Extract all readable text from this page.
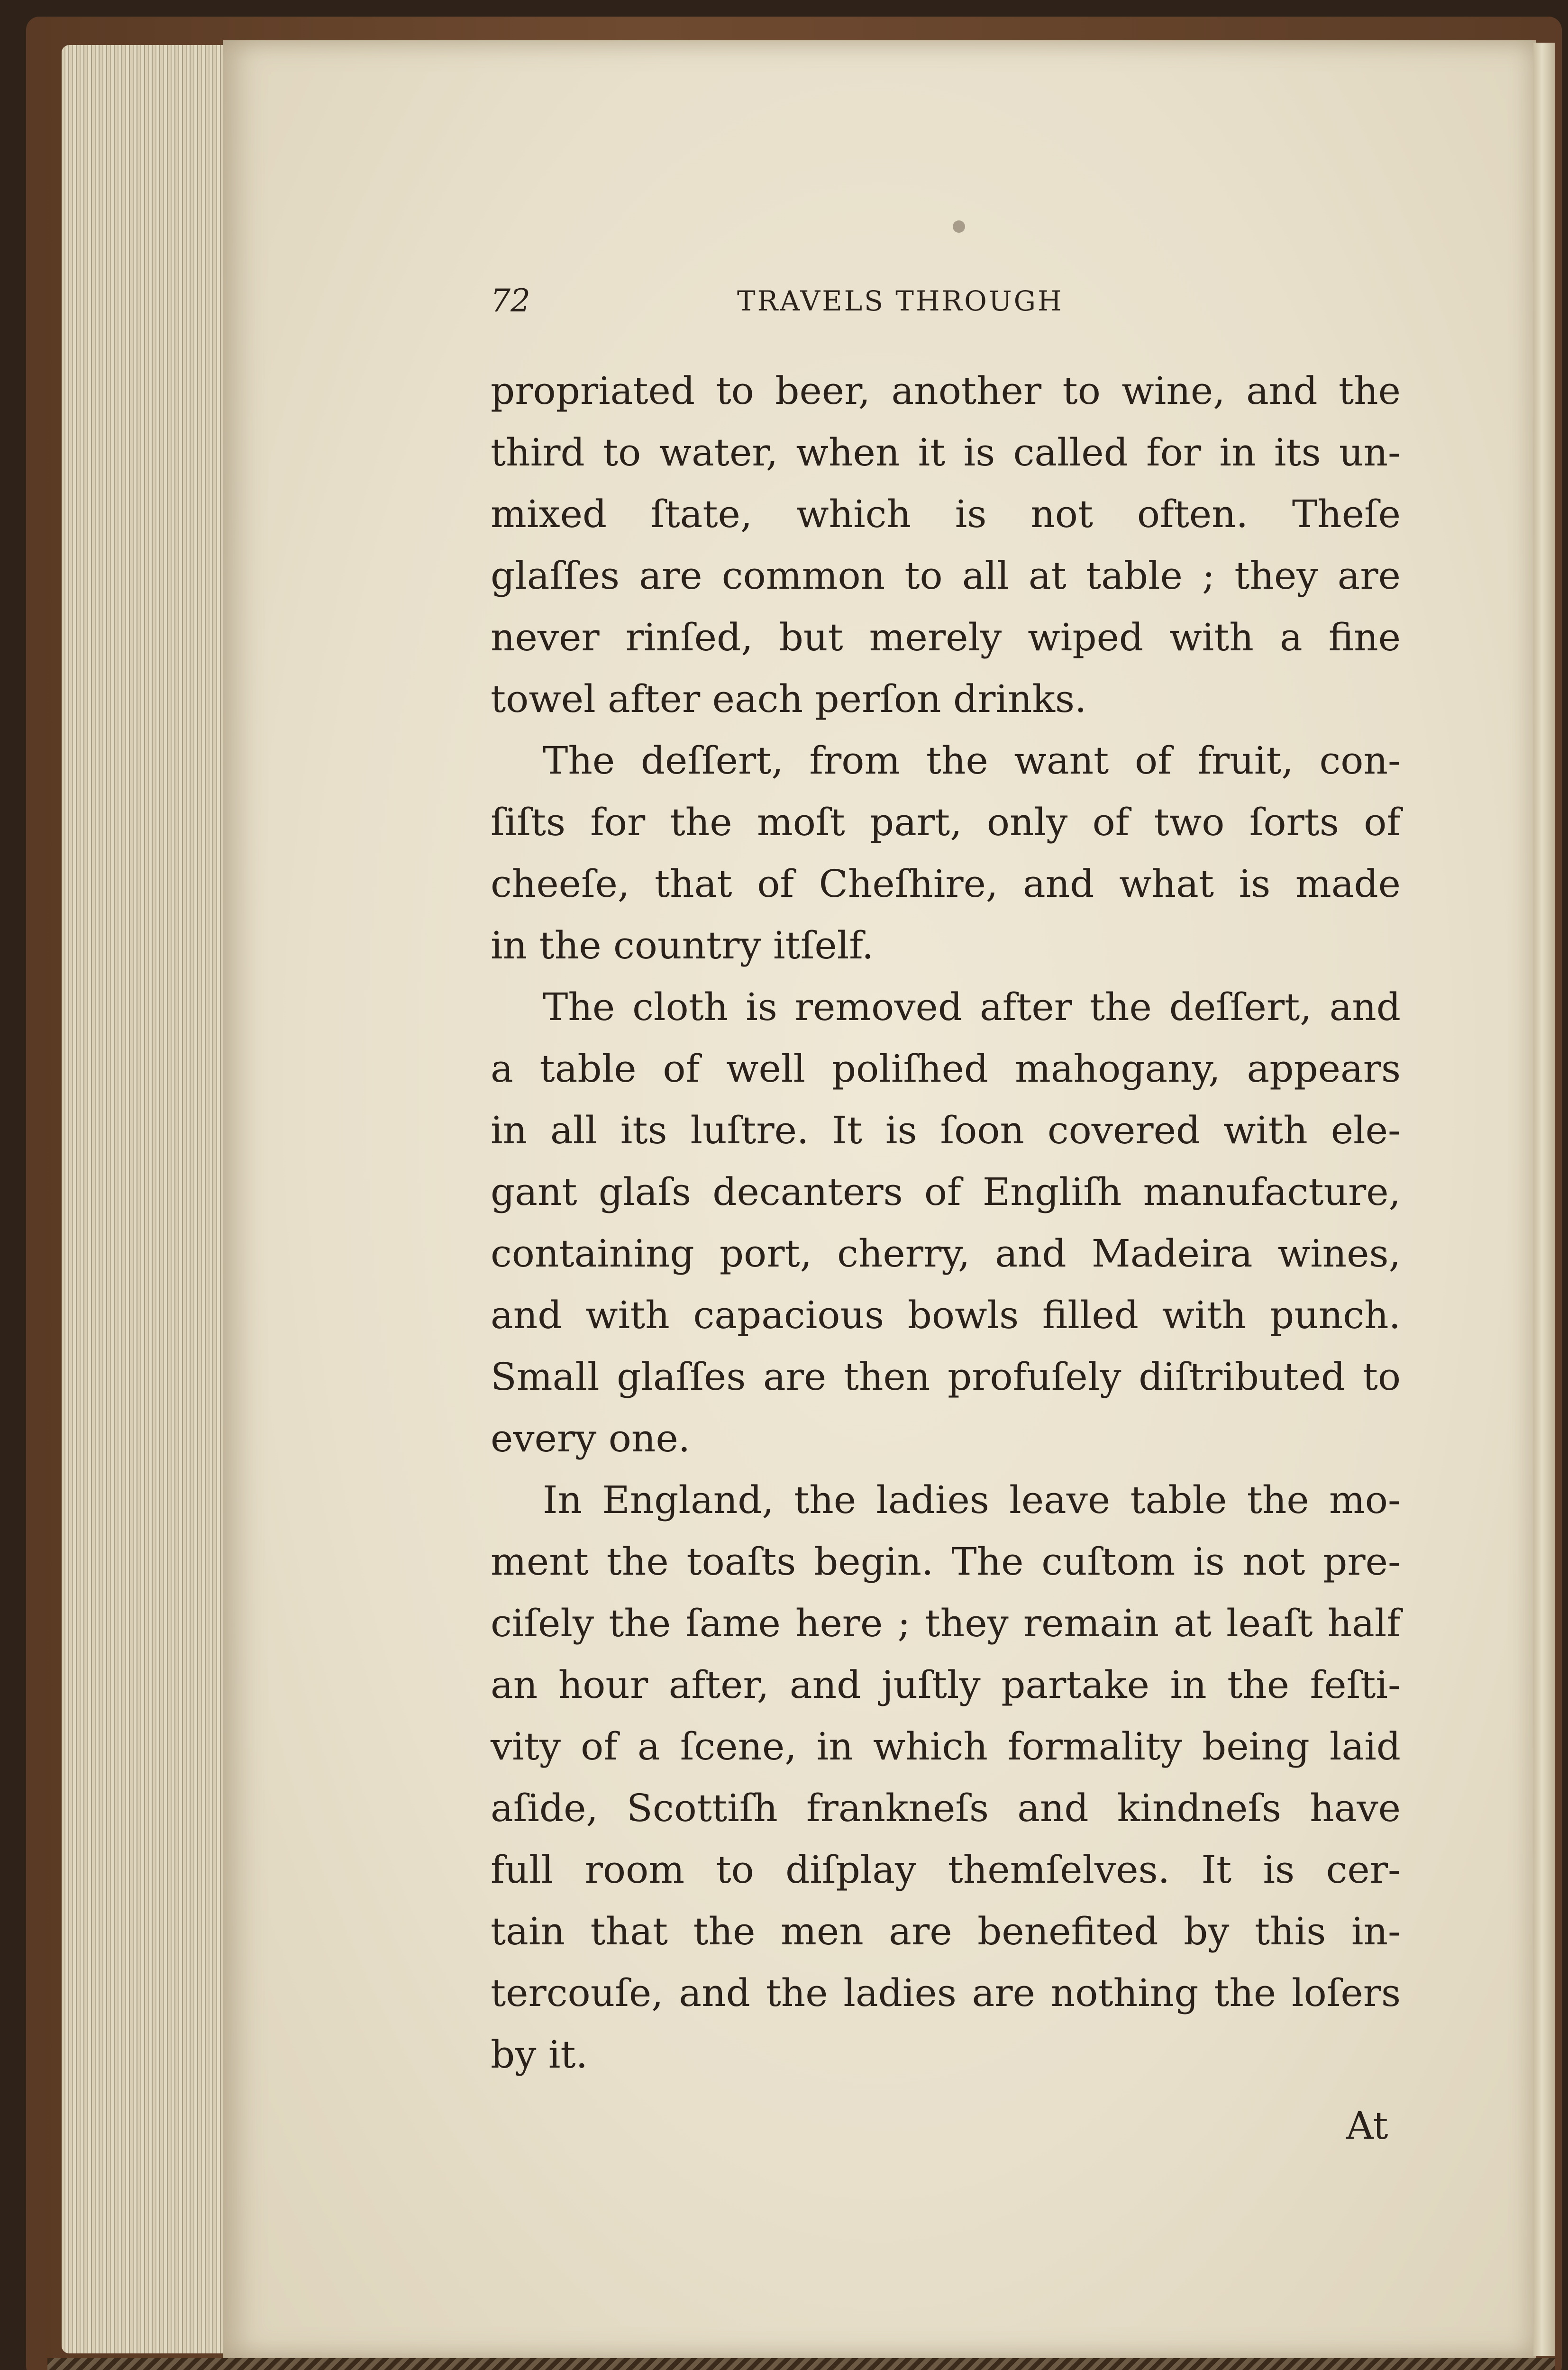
72	TRAVELS THROUGH
propriated to beer, another to wine, and the
third to water, when it is called for in its un-
mixed ſtate, which is not often. Theſe
glaſſes are common to all at table ; they are
never rinſed, but merely wiped with a fine
towel after each perſon drinks.
The deſſert, from the want of fruit, con-
ſiſts for the moſt part, only of two ſorts of
cheeſe, that of Cheſhire, and what is made
in the country itſelf.
The cloth is removed after the deſſert, and
a table of well poliſhed mahogany, appears
in all its luſtre. It is ſoon covered with ele-
gant glaſs decanters of Engliſh manufacture,
containing port, cherry, and Madeira wines,
and with capacious bowls filled with punch.
Small glaſſes are then profuſely diſtributed to
every one.
In England, the ladies leave table the mo-
ment the toaſts begin. The cuſtom is not pre-
ciſely the ſame here ; they remain at leaſt half
an hour after, and juſtly partake in the feſti-
vity of a ſcene, in which formality being laid
aſide, Scottiſh frankneſs and kindneſs have
full room to diſplay themſelves. It is cer-
tain that the men are benefited by this in-
tercouſe, and the ladies are nothing the loſers
by it.
At
